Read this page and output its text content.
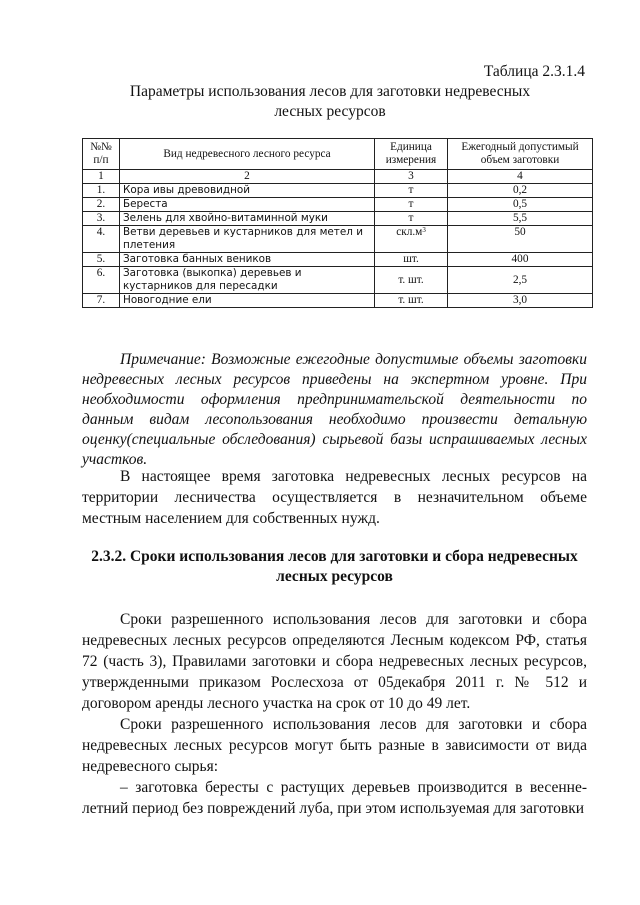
Таблица 2.3.1.4
Параметры использования лесов для заготовки недревесных лесных ресурсов
№№ п/п	Вид недревесного лесного ресурса	Единица измерения	Ежегодный допустимый объем заготовки
1	2	3	4
1.	Кора ивы древовидной	т	0,2
2.	Береста	т	0,5
3.	Зелень для хвойно-витаминной муки	т	5,5
4.	Ветви деревьев и кустарников для метел и плетения	$скл.м^3$	50
5.	Заготовка банных веников	шт.	400
6.	Заготовка (выкопка) деревьев и кустарников для пересадки	т. шт.	2,5
7.	Новогодние ели	т. шт.	3,0

Примечание: Возможные ежегодные допустимые объемы заготовки недревесных лесных ресурсов приведены на экспертном уровне. При необходимости оформления предпринимательской деятельности по данным видам лесопользования необходимо произвести детальную оценку(специальные обследования) сырьевой базы испрашиваемых лесных участков.

В настоящее время заготовка недревесных лесных ресурсов на территории лесничества осуществляется в незначительном объеме местным населением для собственных нужд.

2.3.2. Сроки использования лесов для заготовки и сбора недревесных лесных ресурсов

Сроки разрешенного использования лесов для заготовки и сбора недревесных лесных ресурсов определяются Лесным кодексом РФ, статья 72 (часть 3), Правилами заготовки и сбора недревесных лесных ресурсов, утвержденными приказом Рослесхоза от 05декабря 2011 г. № 512 и договором аренды лесного участка на срок от 10 до 49 лет.

Сроки разрешенного использования лесов для заготовки и сбора недревесных лесных ресурсов могут быть разные в зависимости от вида недревесного сырья:

– заготовка бересты с растущих деревьев производится в весенне-летний период без повреждений луба, при этом используемая для заготовки
